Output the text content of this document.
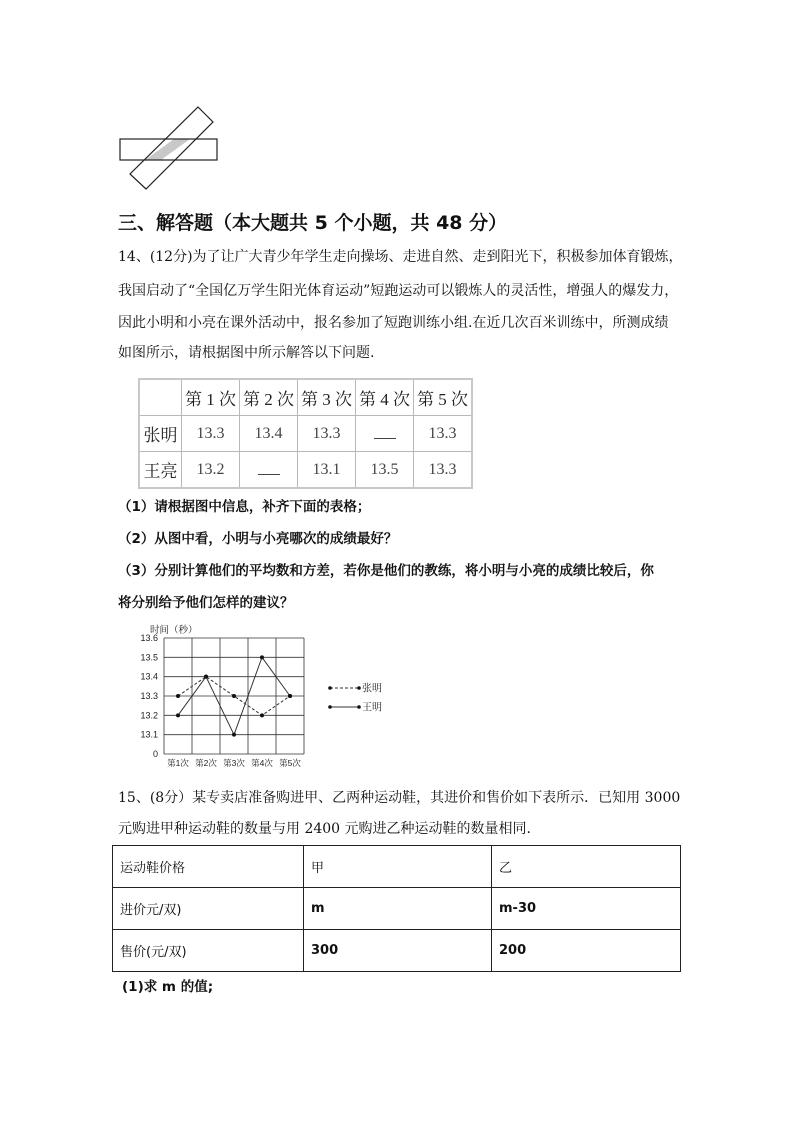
三、解答题（本大题共 5 个小题，共 48 分）
14、(12分)为了让广大青少年学生走向操场、走进自然、走到阳光下，积极参加体育锻炼，
我国启动了“全国亿万学生阳光体育运动”短跑运动可以锻炼人的灵活性，增强人的爆发力，
因此小明和小亮在课外活动中，报名参加了短跑训练小组.在近几次百米训练中，所测成绩
如图所示，请根据图中所示解答以下问题.
	第 1 次	第 2 次	第 3 次	第 4 次	第 5 次
张明	13.3	13.4	13.3		13.3
王亮	13.2		13.1	13.5	13.3
（1）请根据图中信息，补齐下面的表格；
（2）从图中看，小明与小亮哪次的成绩最好？
（3）分别计算他们的平均数和方差，若你是他们的教练，将小明与小亮的成绩比较后，你
将分别给予他们怎样的建议？
时间（秒）
0
13.1
13.2
13.3
13.4
13.5
13.6
第1次 第2次 第3次 第4次 第5次
张明
王明
15、(8分）某专卖店准备购进甲、乙两种运动鞋，其进价和售价如下表所示．已知用 3000
元购进甲种运动鞋的数量与用 2400 元购进乙种运动鞋的数量相同.
运动鞋价格	甲	乙
进价元/双)	m	m-30
售价(元/双)	300	200
(1)求 m 的值;
